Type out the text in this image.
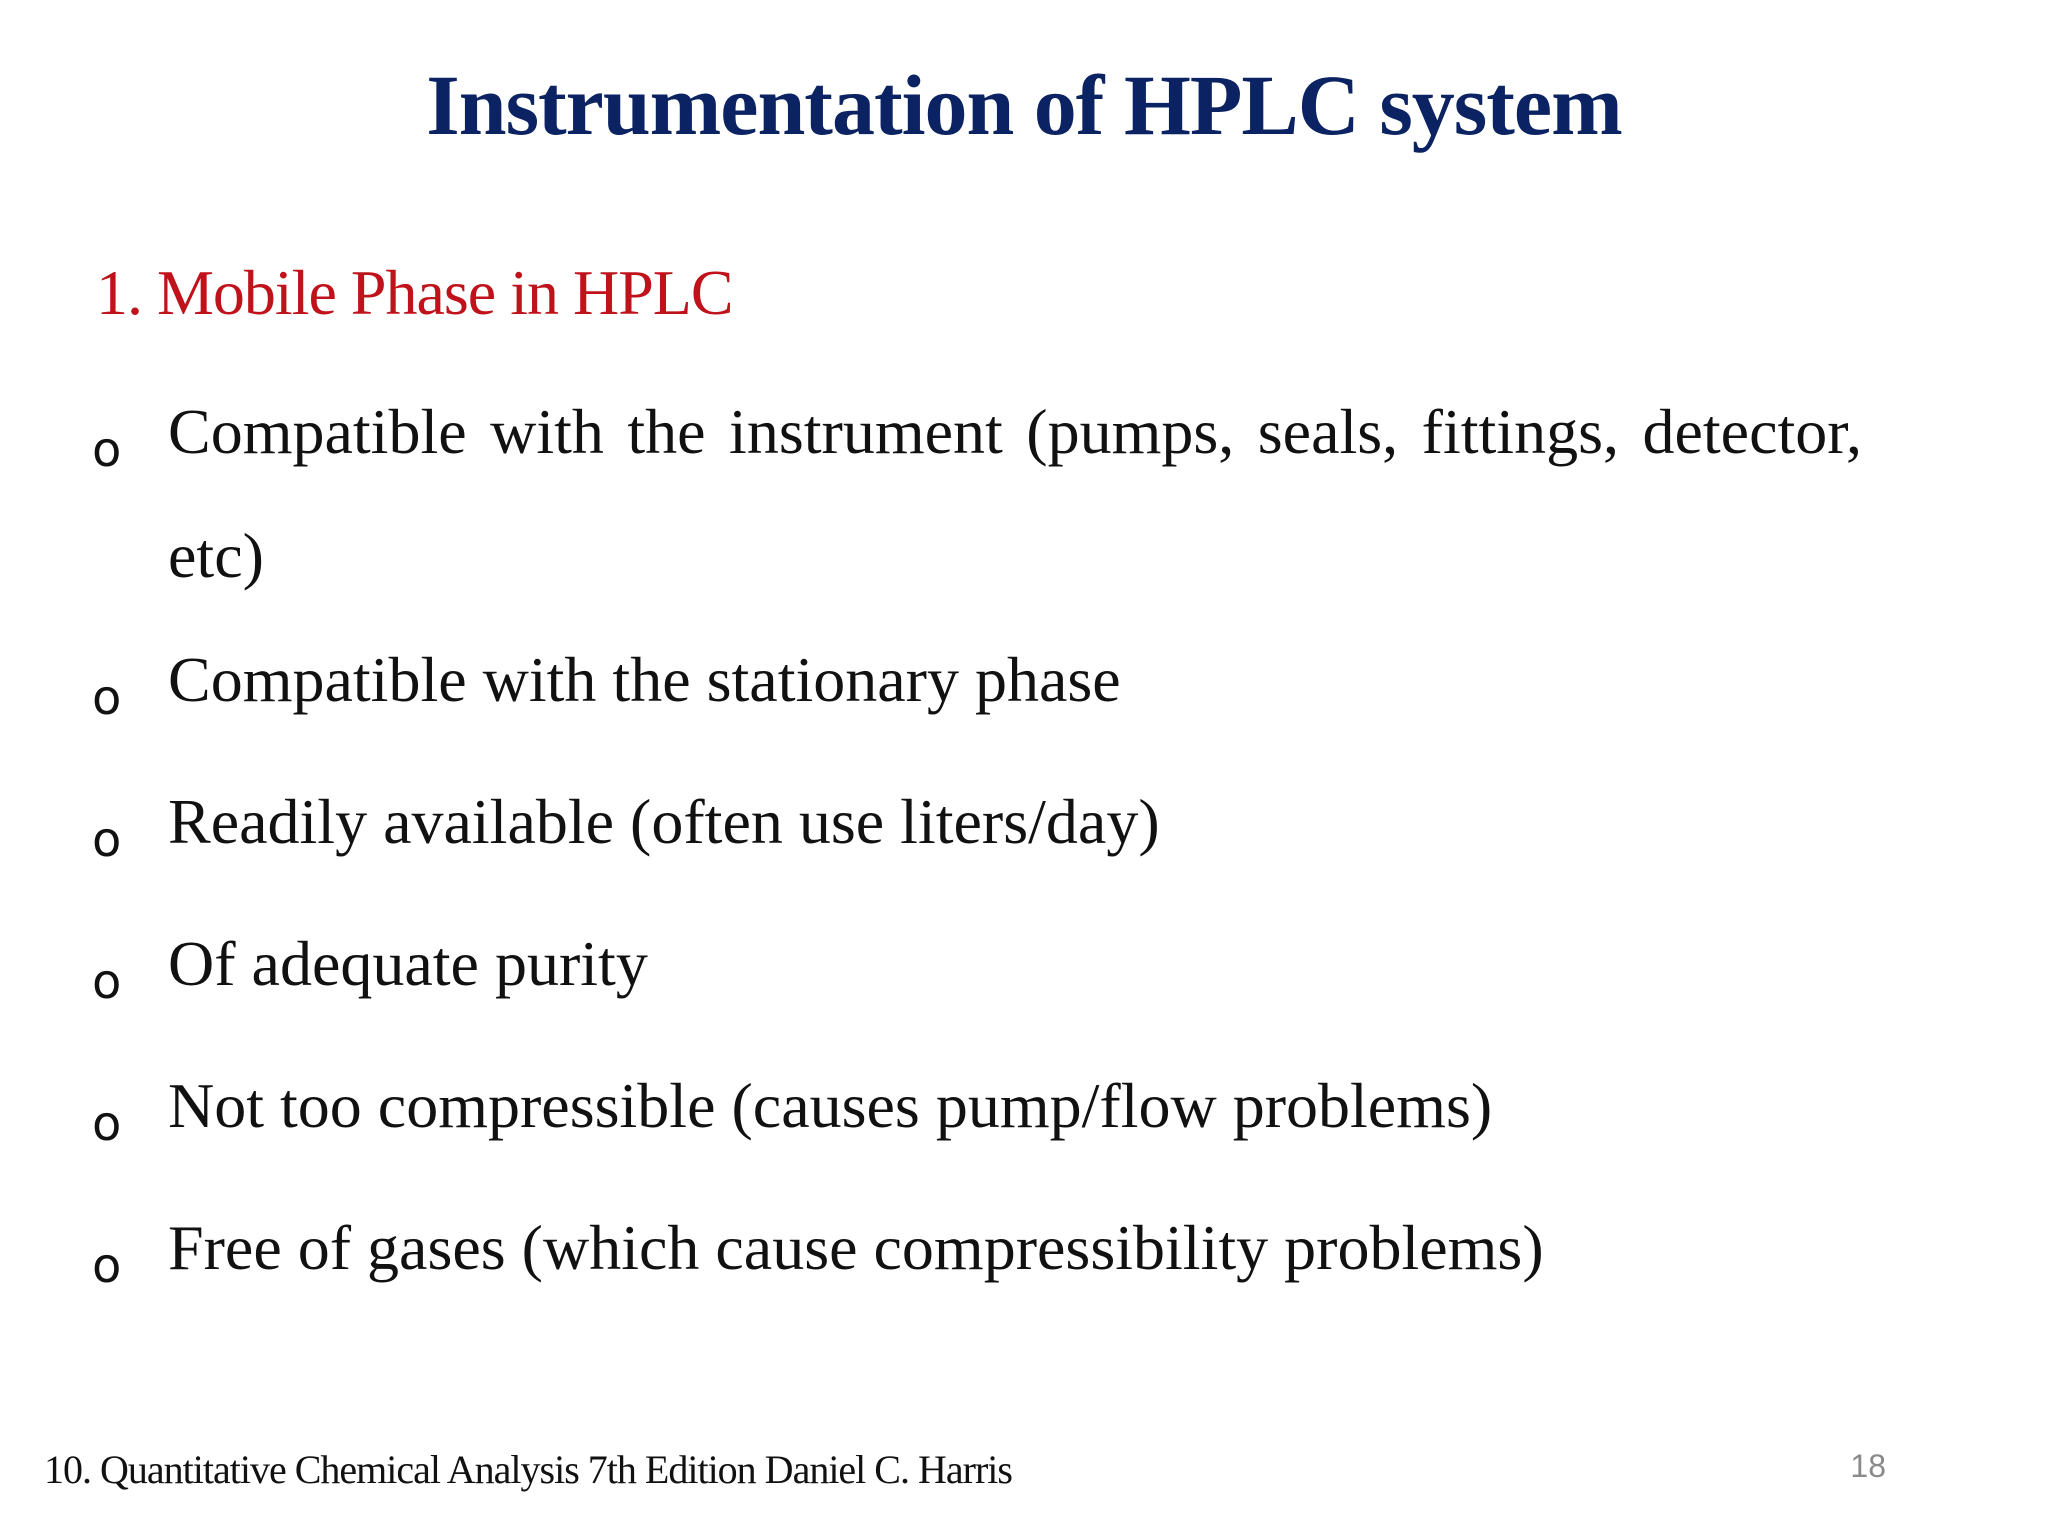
Instrumentation of HPLC system
1. Mobile Phase in HPLC
o Compatible with the instrument (pumps, seals, fittings, detector, etc)
o Compatible with the stationary phase
o Readily available (often use liters/day)
o Of adequate purity
o Not too compressible (causes pump/flow problems)
o Free of gases (which cause compressibility problems)
10. Quantitative Chemical Analysis 7th Edition Daniel C. Harris	18
